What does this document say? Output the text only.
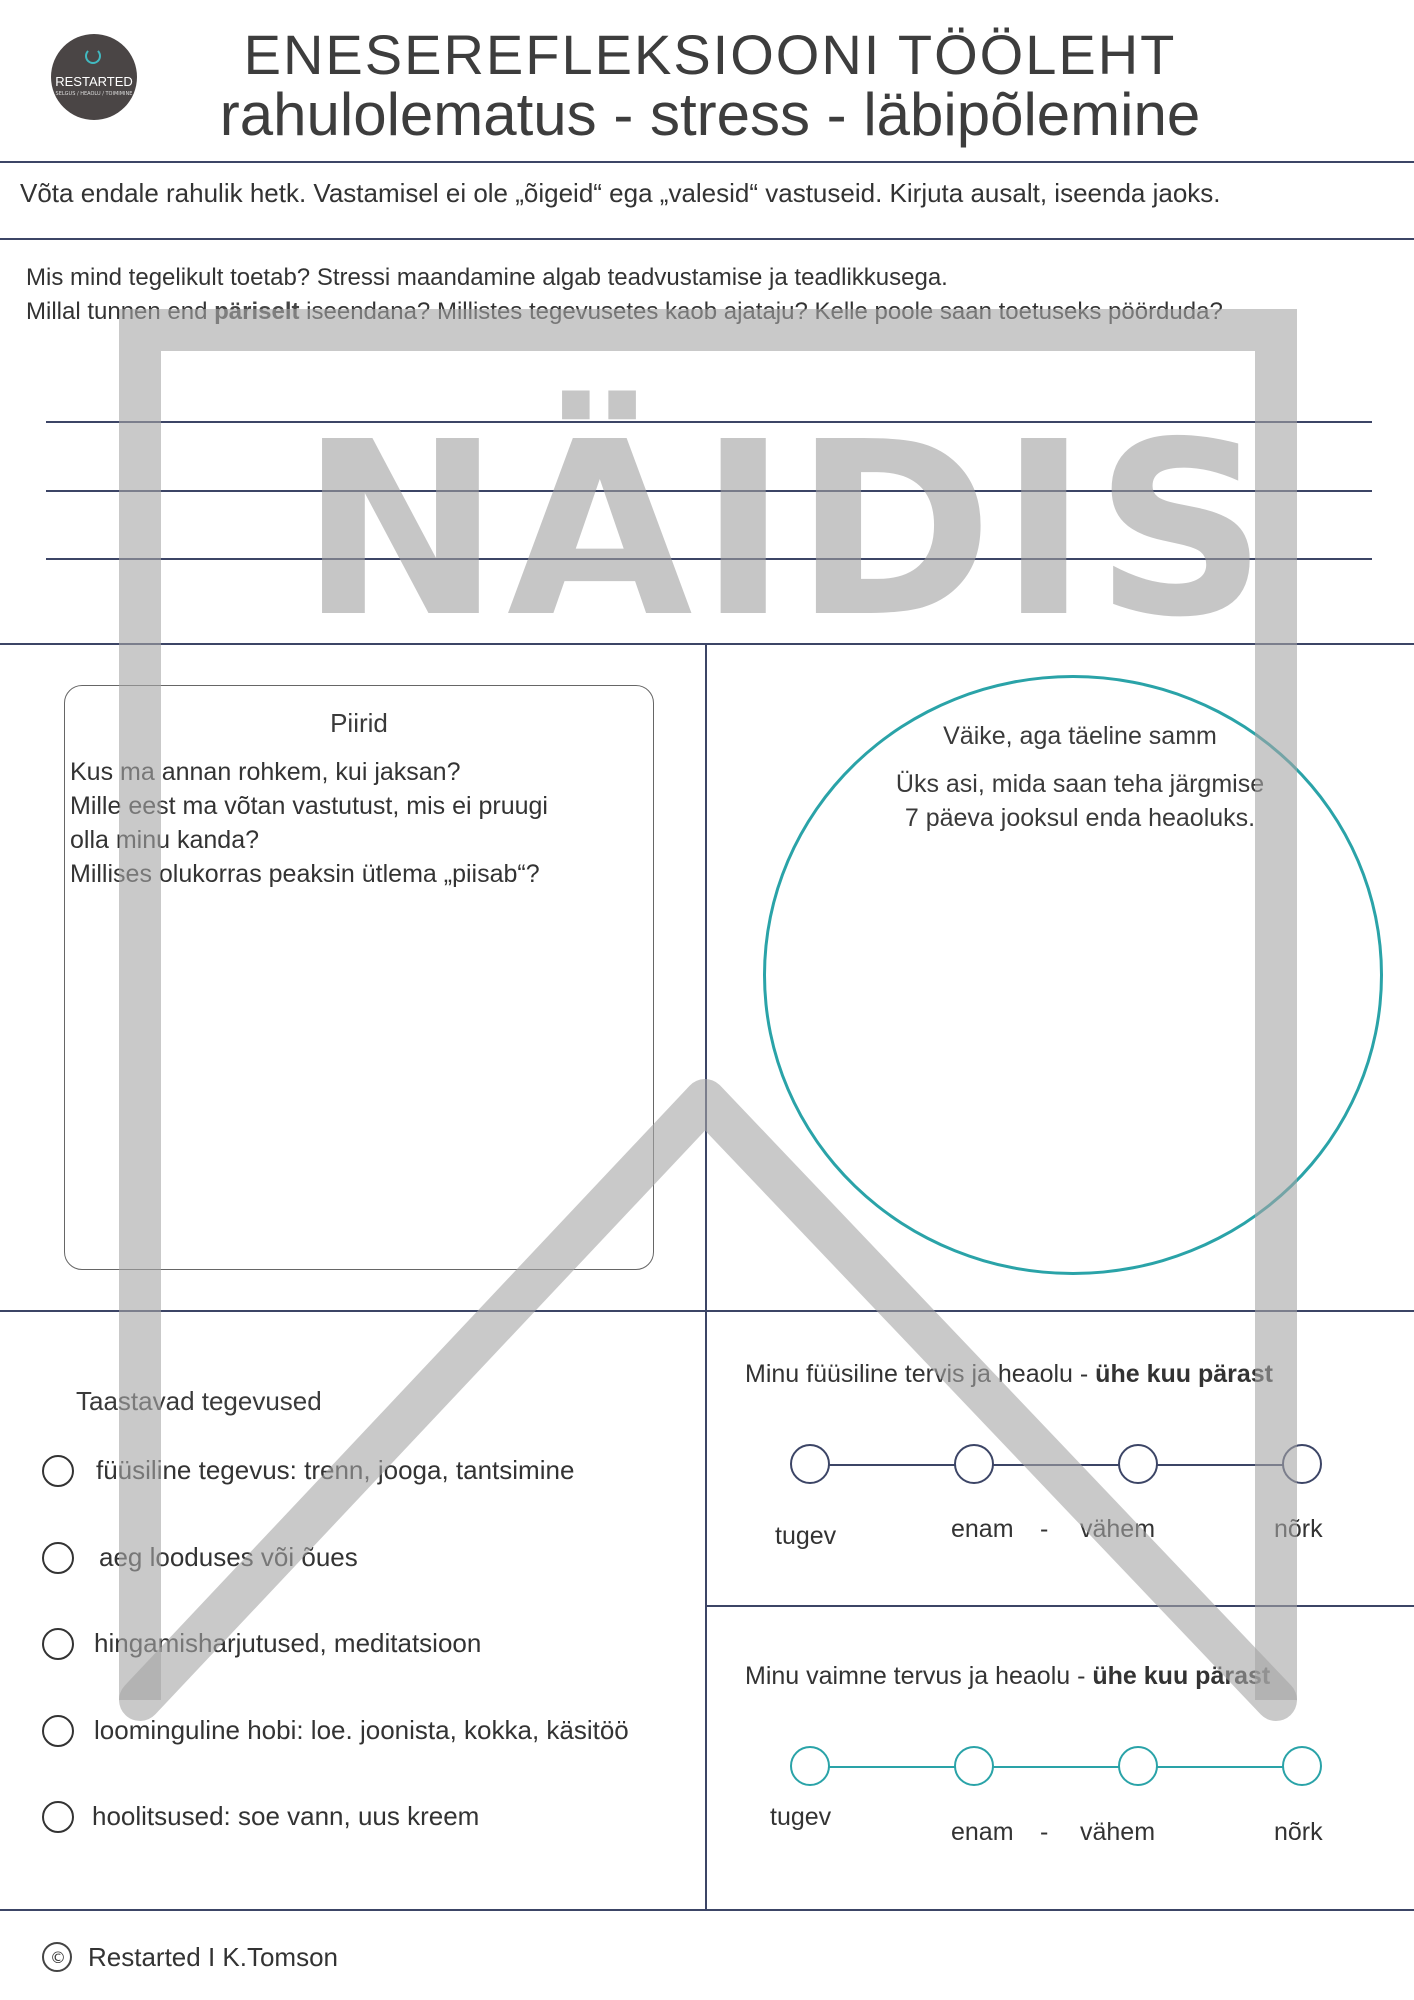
RESTARTED
SELGUS / HEAOLU / TOIMIMINE
ENESEREFLEKSIOONI TÖÖLEHT
rahulolematus - stress - läbipõlemine
Võta endale rahulik hetk. Vastamisel ei ole „õigeid“ ega „valesid“ vastuseid. Kirjuta ausalt, iseenda jaoks.
Mis mind tegelikult toetab? Stressi maandamine algab teadvustamise ja teadlikkusega.
Millal tunnen end päriselt iseendana? Millistes tegevusetes kaob ajataju? Kelle poole saan toetuseks pöörduda?
Piirid
Kus ma annan rohkem, kui jaksan?
Mille eest ma võtan vastutust, mis ei pruugi
olla minu kanda?
Millises olukorras peaksin ütlema „piisab“?
Väike, aga täeline samm
Üks asi, mida saan teha järgmise
7 päeva jooksul enda heaoluks.
Taastavad tegevused
füüsiline tegevus: trenn, jooga, tantsimine
aeg looduses või õues
hingamisharjutused, meditatsioon
loominguline hobi: loe. joonista, kokka, käsitöö
hoolitsused: soe vann, uus kreem
Minu füüsiline tervis ja heaolu - ühe kuu pärast
tugev	enam - vähem	nõrk
Minu vaimne tervus ja heaolu - ühe kuu pärast
tugev
enam - vähem	nõrk
© Restarted I K.Tomson
NÄIDIS
